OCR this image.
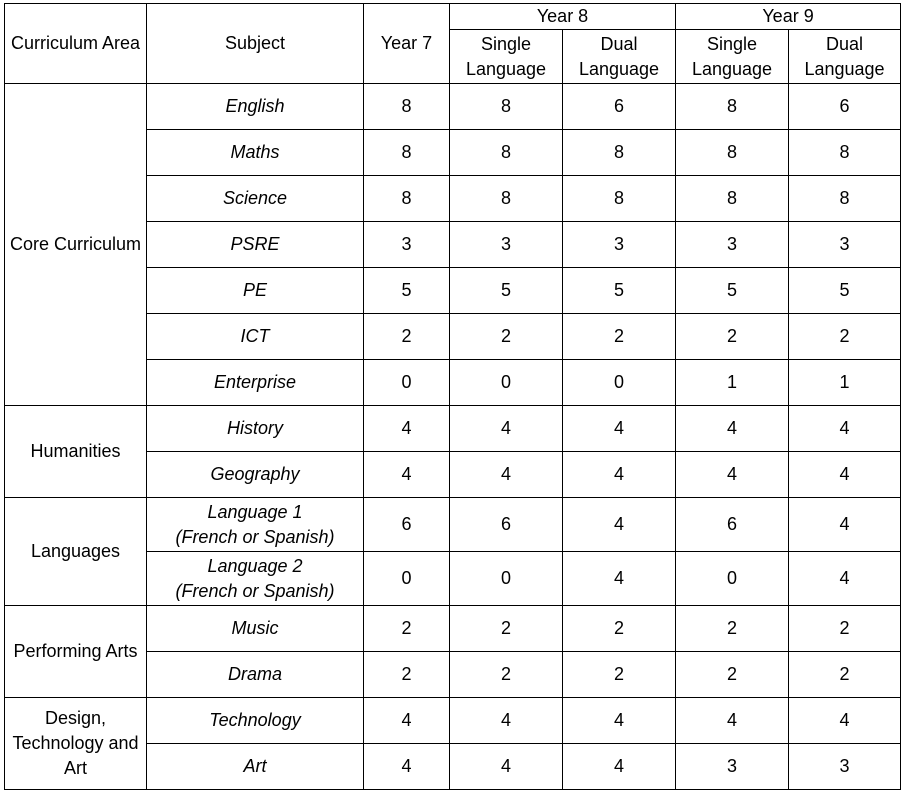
Curriculum Area	Subject	Year 7	Year 8		Year 9	
			Single Language	Dual Language	Single Language	Dual Language
Core Curriculum	English	8	8	6	8	6

	Maths	8	8	8	8	8

	Science	8	8	8	8	8

	PSRE	3	3	3	3	3

	PE	5	5	5	5	5

	ICT	2	2	2	2	2

	Enterprise	0	0	0	1	1
Humanities	History	4	4	4	4	4

	Geography	4	4	4	4	4
Languages	Language 1
(French or Spanish)	6	6	4	6	4

	Language 2
(French or Spanish)	0	0	4	0	4
Performing Arts	Music	2	2	2	2	2

	Drama	2	2	2	2	2
Design, Technology and Art	Technology	4	4	4	4	4

	Art	4	4	4	3	3
